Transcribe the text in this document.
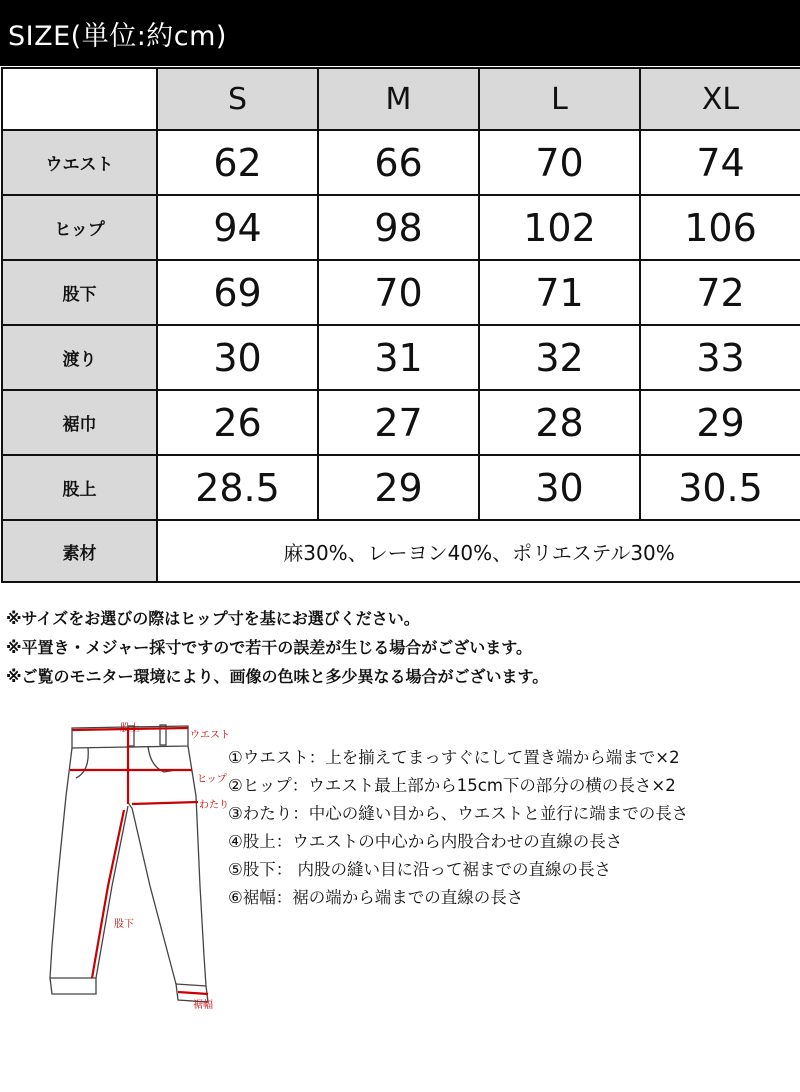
SIZE(単位:約cm)
	S	M	L	XL
ウエスト	62	66	70	74
ヒップ	94	98	102	106
股下	69	70	71	72
渡り	30	31	32	33
裾巾	26	27	28	29
股上	28.5	29	30	30.5
素材	麻30%、レーヨン40%、ポリエステル30%			
※サイズをお選びの際はヒップ寸を基にお選びください。
※平置き・メジャー採寸ですので若干の誤差が生じる場合がございます。
※ご覧のモニター環境により、画像の色味と多少異なる場合がございます。
股上
ウエスト
ヒップ
わたり
股下
裾幅
①ウエスト：上を揃えてまっすぐにして置き端から端まで×2
②ヒップ：ウエスト最上部から15cm下の部分の横の長さ×2
③わたり：中心の縫い目から、ウエストと並行に端までの長さ
④股上：ウエストの中心から内股合わせの直線の長さ
⑤股下： 内股の縫い目に沿って裾までの直線の長さ
⑥裾幅：裾の端から端までの直線の長さ
